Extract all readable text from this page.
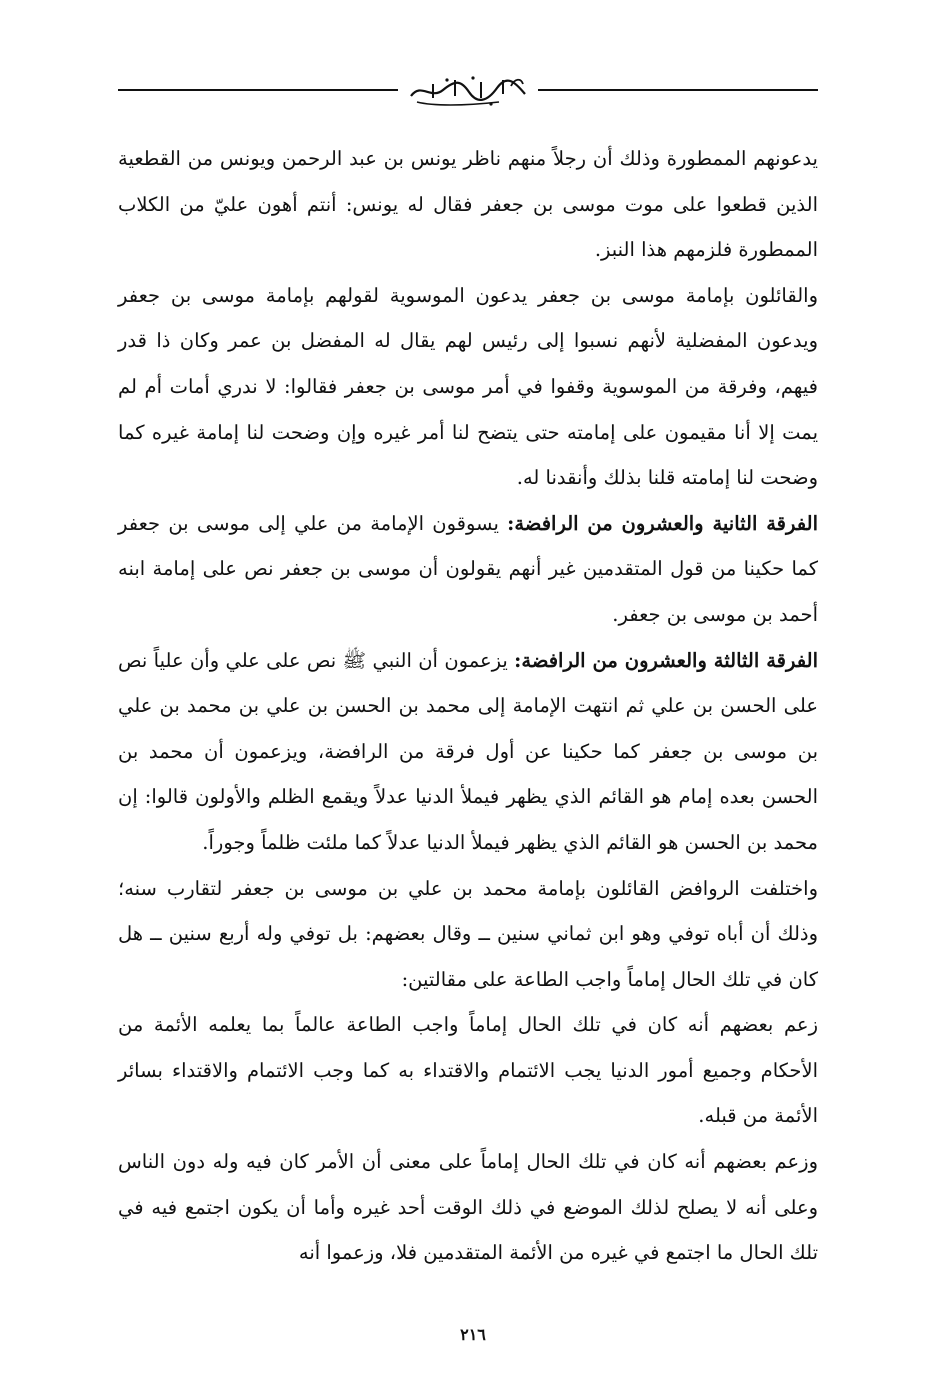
يدعونهم الممطورة وذلك أن رجلاً منهم ناظر يونس بن عبد الرحمن ويونس من القطعية الذين قطعوا على موت موسى بن جعفر فقال له يونس: أنتم أهون عليّ من الكلاب الممطورة فلزمهم هذا النبز.

والقائلون بإمامة موسى بن جعفر يدعون الموسوية لقولهم بإمامة موسى بن جعفر ويدعون المفضلية لأنهم نسبوا إلى رئيس لهم يقال له المفضل بن عمر وكان ذا قدر فيهم، وفرقة من الموسوية وقفوا في أمر موسى بن جعفر فقالوا: لا ندري أمات أم لم يمت إلا أنا مقيمون على إمامته حتى يتضح لنا أمر غيره وإن وضحت لنا إمامة غيره كما وضحت لنا إمامته قلنا بذلك وأنقدنا له.

الفرقة الثانية والعشرون من الرافضة: يسوقون الإمامة من علي إلى موسى بن جعفر كما حكينا من قول المتقدمين غير أنهم يقولون أن موسى بن جعفر نص على إمامة ابنه أحمد بن موسى بن جعفر.

الفرقة الثالثة والعشرون من الرافضة: يزعمون أن النبي ﷺ نص على علي وأن علياً نص على الحسن بن علي ثم انتهت الإمامة إلى محمد بن الحسن بن علي بن محمد بن علي بن موسى بن جعفر كما حكينا عن أول فرقة من الرافضة، ويزعمون أن محمد بن الحسن بعده إمام هو القائم الذي يظهر فيملأ الدنيا عدلاً ويقمع الظلم والأولون قالوا: إن محمد بن الحسن هو القائم الذي يظهر فيملأ الدنيا عدلاً كما ملئت ظلماً وجوراً.

واختلفت الروافض القائلون بإمامة محمد بن علي بن موسى بن جعفر لتقارب سنه؛ وذلك أن أباه توفي وهو ابن ثماني سنين ــ وقال بعضهم: بل توفي وله أربع سنين ــ هل كان في تلك الحال إماماً واجب الطاعة على مقالتين:

زعم بعضهم أنه كان في تلك الحال إماماً واجب الطاعة عالماً بما يعلمه الأئمة من الأحكام وجميع أمور الدنيا يجب الائتمام والاقتداء به كما وجب الائتمام والاقتداء بسائر الأئمة من قبله.

وزعم بعضهم أنه كان في تلك الحال إماماً على معنى أن الأمر كان فيه وله دون الناس وعلى أنه لا يصلح لذلك الموضع في ذلك الوقت أحد غيره وأما أن يكون اجتمع فيه في تلك الحال ما اجتمع في غيره من الأئمة المتقدمين فلا، وزعموا أنه

٢١٦
